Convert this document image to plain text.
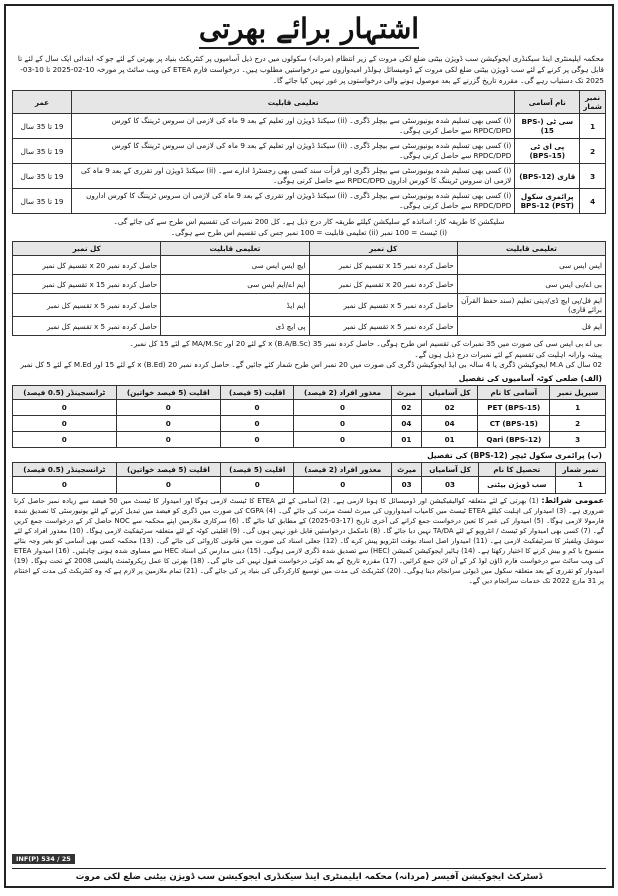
اشتہار برائے بھرتی
محکمہ ایلیمنٹری اینڈ سیکنڈری ایجوکیشن سب ڈویژن بیٹنی ضلع لکی مروت کے زیر انتظام (مردانہ) سکولوں میں درج ذیل آسامیوں پر کنٹریکٹ بنیاد پر بھرتی کے لئے جو کہ ابتدائی ایک سال کے لئے تا قابل ہوگی پر کرنے کے لئے سب ڈویژن بیٹنی ضلع لکی مروت کے ڈومیسائل ہولڈر امیدواروں سے درخواستیں مطلوب ہیں۔ درخواست فارم ETEA کی ویب سائٹ پر مورخہ 10-02-2025 تا 10-03-2025 تک دستیاب رہے گی۔ مقررہ تاریخ گزرنے کے بعد موصول ہونے والی درخواستوں پر غور نہیں کیا جائے گا۔
نمبر شمار	نام آسامی	تعلیمی قابلیت	عمر
1	سی ٹی (BPS-15)	(i) کسی بھی تسلیم شدہ یونیورسٹی سے بیچلر ڈگری۔ (ii) سیکنڈ ڈویژن اور تعلیم کے بعد 9 ماہ کی لازمی ان سروس ٹریننگ کا کورس RPDC/DPD سے حاصل کرنی ہوگی۔	19 تا 35 سال
2	پی ای ٹی (BPS-15)	(i) کسی بھی تسلیم شدہ یونیورسٹی سے بیچلر ڈگری۔ (ii) سیکنڈ ڈویژن اور تعلیم کے بعد 9 ماہ کی لازمی ان سروس ٹریننگ کا کورس RPDC/DPD سے حاصل کرنی ہوگی۔	19 تا 35 سال
3	قاری (BPS-12)	(i) کسی بھی تسلیم شدہ یونیورسٹی سے بیچلر ڈگری اور قرأت سند کسی بھی رجسٹرڈ ادارے سے۔ (ii) سیکنڈ ڈویژن اور تقرری کے بعد 9 ماہ کی لازمی ان سروس ٹریننگ کا کورس اداروں RPDC/DPD سے حاصل کرنی ہوگی۔	19 تا 35 سال
4	پرائمری سکول (PST) BPS-12	(i) کسی بھی تسلیم شدہ یونیورسٹی سے بیچلر ڈگری۔ (ii) سیکنڈ ڈویژن اور تقرری کے بعد 9 ماہ کی لازمی ان سروس ٹریننگ کا کورس اداروں RPDC/DPD سے حاصل کرنی ہوگی۔	19 تا 35 سال
سلیکشن کا طریقہ کار: اساتذہ کے سلیکشن کیلئے طریقہ کار درج ذیل ہے۔ کل 200 نمبرات کی تقسیم اس طرح سے کی جائے گی۔
(i) ٹیسٹ = 100 نمبر (ii) تعلیمی قابلیت = 100 نمبر جس کی تقسیم اس طرح سے ہوگی۔
تعلیمی قابلیت	کل نمبر	تعلیمی قابلیت	کل نمبر
ایس ایس سی	حاصل کردہ نمبر x 15 تقسیم کل نمبر	ایچ ایس ایس سی	حاصل کردہ نمبر x 20 تقسیم کل نمبر
بی اے/بی ایس سی	حاصل کردہ نمبر x 20 تقسیم کل نمبر	ایم اے/ایم ایس سی	حاصل کردہ نمبر x 15 تقسیم کل نمبر
ایم فل/پی ایچ ڈی/دینی تعلیم (سند حفظ القرآن برائے قاری)	حاصل کردہ نمبر x 5 تقسیم کل نمبر	ایم ایڈ	حاصل کردہ نمبر x 5 تقسیم کل نمبر
ایم فل	حاصل کردہ نمبر x 5 تقسیم کل نمبر	پی ایچ ڈی	حاصل کردہ نمبر x 5 تقسیم کل نمبر
بی اے بی ایس سی کی صورت میں 35 نمبرات کی تقسیم اس طرح ہوگی۔ حاصل کردہ نمبر 35 x (B.A/B.Sc) کے لئے 20 اور MA/M.Sc کے لئے 15 کل نمبر۔
پیشہ وارانہ اہلیت کی تقسیم کے لئے نمبرات درج ذیل ہوں گے۔
02 سال کی M.A ایجوکیشن ڈگری یا 4 سالہ بی ایڈ ایجوکیشن ڈگری کی صورت میں 20 نمبر اس طرح شمار کئے جائیں گے۔ حاصل کردہ نمبر 20 x (B.Ed) کے لئے 15 اور M.Ed کے لئے 5 کل نمبر
(الف) ضلعی کوٹہ آسامیوں کی تفصیل
سیریل نمبر	آسامی کا نام	کل آسامیاں	میرٹ	معذور افراد (2 فیصد)	اقلیت (5 فیصد)	اقلیت (5 فیصد خواتین)	ٹرانسجینڈر (0.5 فیصد)
1	PET (BPS-15)	02	02	0	0	0	0
2	CT (BPS-15)	04	04	0	0	0	0
3	Qari (BPS-12)	01	01	0	0	0	0
(ب) پرائمری سکول ٹیچر (BPS-12) کی تفصیل
نمبر شمار	تحصیل کا نام	کل آسامیاں	میرٹ	معذور افراد (2 فیصد)	اقلیت (5 فیصد)	اقلیت (5 فیصد خواتین)	ٹرانسجینڈر (0.5 فیصد)
1	سب ڈویژن بیٹنی	03	03	0	0	0	0
عمومی شرائط: (1) بھرتی کے لئے متعلقہ کوالیفیکیشن اور ڈومیسائل کا ہونا لازمی ہے۔ (2) آسامی کے لئے ETEA کا ٹیسٹ لازمی ہوگا اور امیدوار کا ٹیسٹ میں 50 فیصد سے زیادہ نمبر حاصل کرنا ضروری ہے۔ (3) امیدوار کی اہلیت کیلئے ETEA ٹیسٹ میں کامیاب امیدواروں کی میرٹ لسٹ مرتب کی جائے گی۔ (4) CGPA کی صورت میں ڈگری کو فیصد میں تبدیل کرنے کے لئے یونیورسٹی کا تصدیق شدہ فارمولا لازمی ہوگا۔ (5) امیدوار کی عمر کا تعین درخواست جمع کرانے کی آخری تاریخ (17-03-2025) کے مطابق کیا جائے گا۔ (6) سرکاری ملازمین اپنے محکمہ سے NOC حاصل کر کے درخواست جمع کریں گے۔ (7) کسی بھی امیدوار کو ٹیسٹ / انٹرویو کے لئے TA/DA نہیں دیا جائے گا۔ (8) نامکمل درخواستیں قابل غور نہیں ہوں گی۔ (9) اقلیتی کوٹہ کے لئے متعلقہ سرٹیفکیٹ لازمی ہوگا۔ (10) معذور افراد کے لئے سوشل ویلفیئر کا سرٹیفکیٹ لازمی ہے۔ (11) امیدوار اصل اسناد بوقت انٹرویو پیش کرے گا۔ (12) جعلی اسناد کی صورت میں قانونی کاروائی کی جائے گی۔ (13) محکمہ کسی بھی آسامی کو بغیر وجہ بتائے منسوخ یا کم و بیش کرنے کا اختیار رکھتا ہے۔ (14) ہائیر ایجوکیشن کمیشن (HEC) سے تصدیق شدہ ڈگری لازمی ہوگی۔ (15) دینی مدارس کی اسناد HEC سے مساوی شدہ ہونی چاہئیں۔ (16) امیدوار ETEA کی ویب سائٹ سے درخواست فارم ڈاؤن لوڈ کر کے آن لائن جمع کرائیں۔ (17) مقررہ تاریخ کے بعد کوئی درخواست قبول نہیں کی جائے گی۔ (18) بھرتی کا عمل ریکروٹمنٹ پالیسی 2008 کے تحت ہوگا۔ (19) امیدوار کو تقرری کے بعد متعلقہ سکول میں ڈیوٹی سرانجام دینا ہوگی۔ (20) کنٹریکٹ کی مدت میں توسیع کارکردگی کی بنیاد پر کی جائے گی۔ (21) تمام ملازمین پر لازم ہے کہ وہ کنٹریکٹ کی مدت کے اختتام پر 31 مارچ 2022 تک خدمات سرانجام دیں گے۔
INF(P) 534 / 25
ڈسٹرکٹ ایجوکیشن آفیسر (مردانہ) محکمہ ایلیمنٹری اینڈ سیکنڈری ایجوکیشن سب ڈویژن بیٹنی ضلع لکی مروت
